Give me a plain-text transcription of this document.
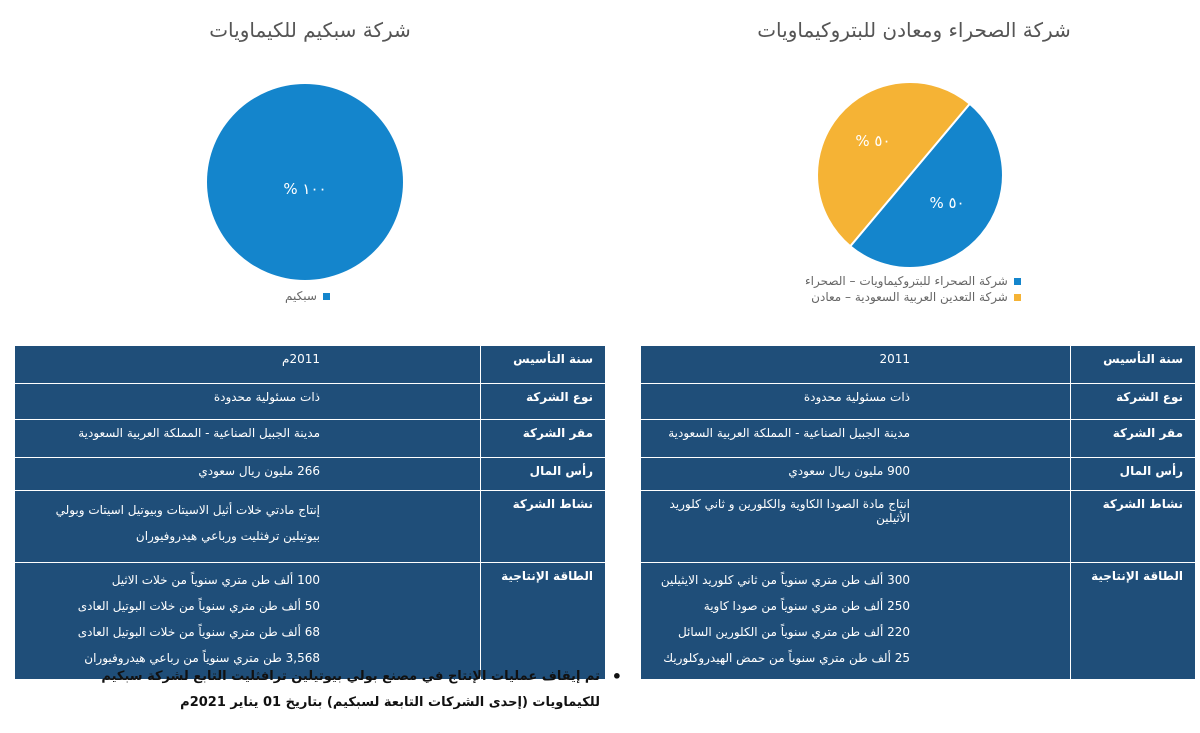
شركة سبكيم للكيماويات	شركة الصحراء ومعادن للبتروكيماويات
% ١٠٠
% ٥٠
% ٥٠
سبكيم
شركة الصحراء للبتروكيماويات – الصحراء
شركة التعدين العربية السعودية – معادن
سنة التأسيس	2011
نوع الشركة	ذات مسئولية محدودة
مقر الشركة	مدينة الجبيل الصناعية - المملكة العربية السعودية
رأس المال	900 مليون ريال سعودي
نشاط الشركة	انتاج مادة الصودا الكاوية والكلورين و ثاني كلوريد الأثيلين
الطاقة الإنتاجية	300 ألف طن متري سنوياً من ثاني كلوريد الايثيلين
250 ألف طن متري سنوياً من صودا كاوية
220 ألف طن متري سنوياً من الكلورين السائل
25 ألف طن متري سنوياً من حمض الهيدروكلوريك
سنة التأسيس	2011م
نوع الشركة	ذات مسئولية محدودة
مقر الشركة	مدينة الجبيل الصناعية - المملكة العربية السعودية
رأس المال	266 مليون ريال سعودي
نشاط الشركة	إنتاج مادتي خلات أثيل الاسيتات وبيوتيل اسيتات وبولي بيوتيلين ترفثليت ورباعي هيدروفيوران
الطاقة الإنتاجية	100 ألف طن متري سنوياً من خلات الاثيل
50 ألف طن متري سنوياً من خلات البوتيل العادى
68 ألف طن متري سنوياً من خلات البوتيل العادى
3,568 طن متري سنوياً من رباعي هيدروفيوران
• تم إيقاف عمليات الإنتاج في مصنع بولي بيوتيلين ترافثليت التابع لشركة سبكيم للكيماويات (إحدى الشركات التابعة لسبكيم) بتاريخ 01 يناير 2021م
